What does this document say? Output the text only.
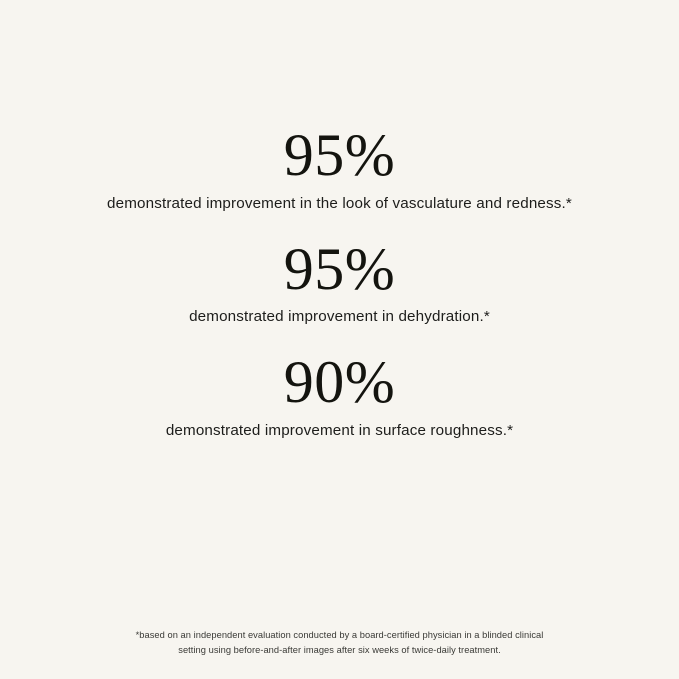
95%
demonstrated improvement in the look of vasculature and redness.*
95%
demonstrated improvement in dehydration.*
90%
demonstrated improvement in surface roughness.*
*based on an independent evaluation conducted by a board-certified physician in a blinded clinical
setting using before-and-after images after six weeks of twice-daily treatment.
